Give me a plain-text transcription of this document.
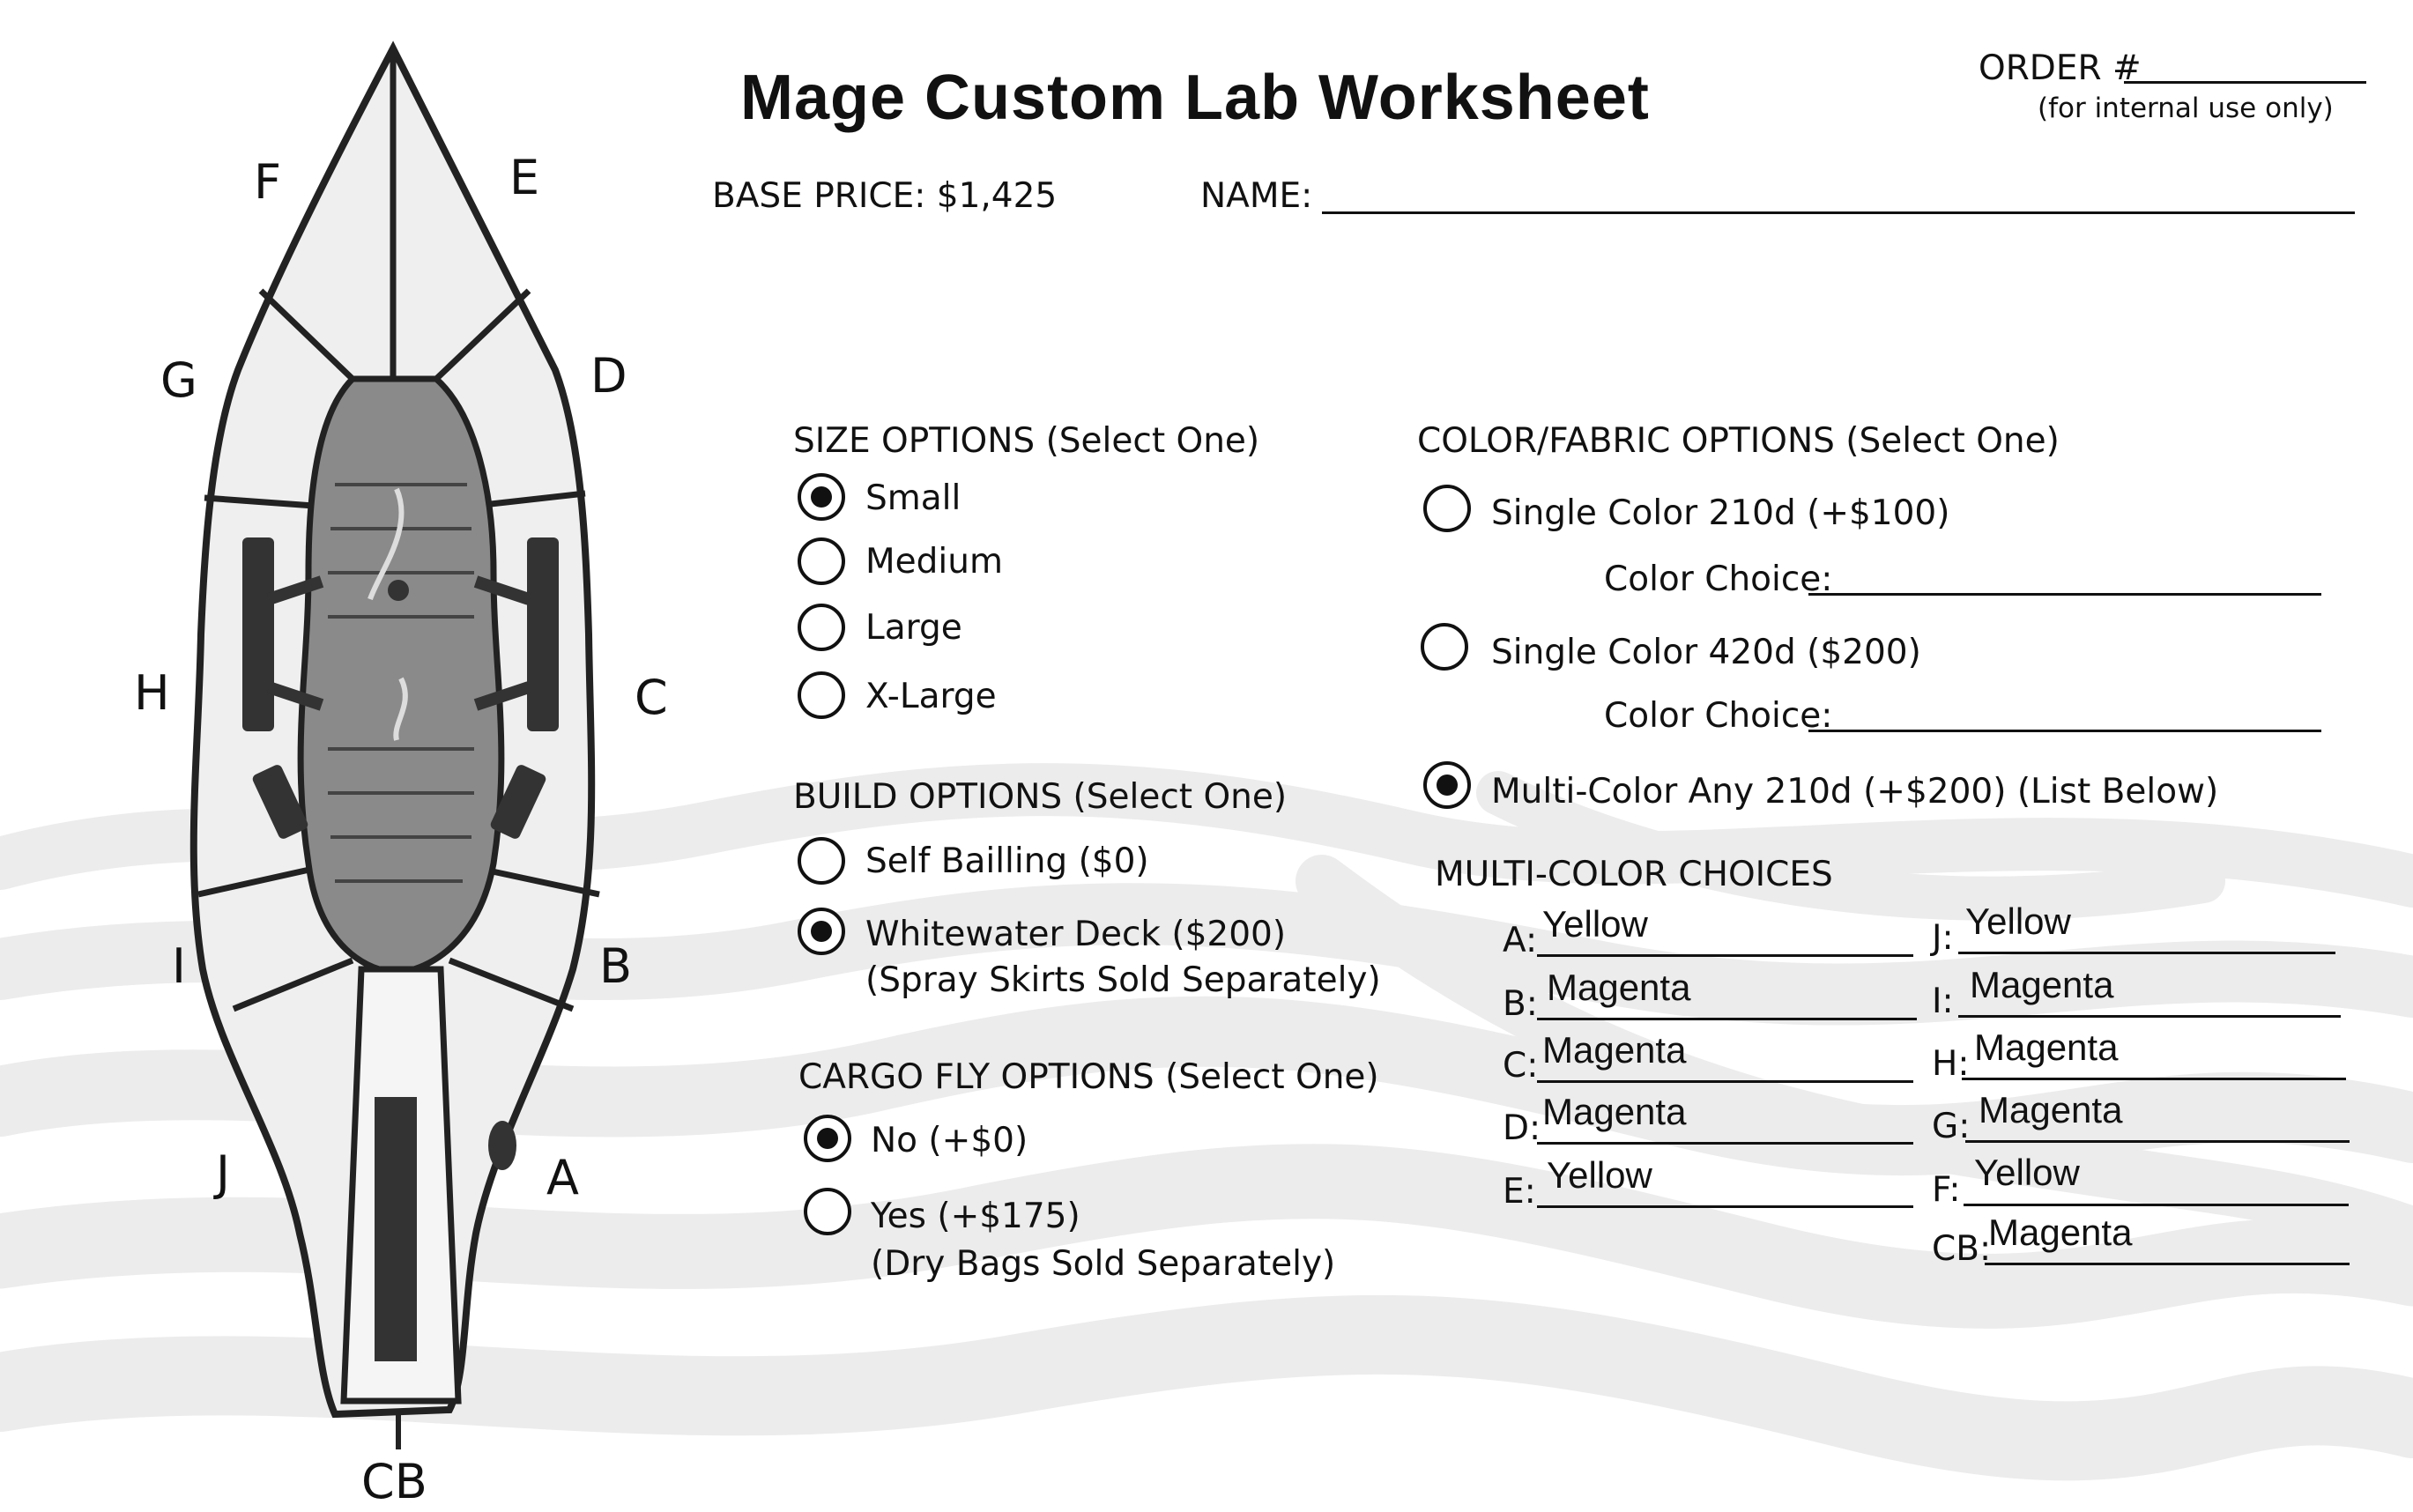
F	E
G	D
H	C
I	B
J	A
CB
Mage Custom Lab Worksheet	ORDER #
(for internal use only)
BASE PRICE: $1,425	NAME:
SIZE OPTIONS (Select One)
Small
Medium
Large
X-Large
BUILD OPTIONS (Select One)
Self Bailling ($0)
Whitewater Deck ($200)
(Spray Skirts Sold Separately)
CARGO FLY OPTIONS (Select One)
No (+$0)
Yes (+$175)
(Dry Bags Sold Separately)
COLOR/FABRIC OPTIONS (Select One)
Single Color 210d (+$100)
Color Choice:
Single Color 420d ($200)
Color Choice:
Multi-Color Any 210d (+$200) (List Below)
MULTI-COLOR CHOICES
A: Yellow
B: Magenta
C: Magenta
D: Magenta
E: Yellow
J: Yellow
I: Magenta
H: Magenta
G: Magenta
F: Yellow
CB:
Magenta
